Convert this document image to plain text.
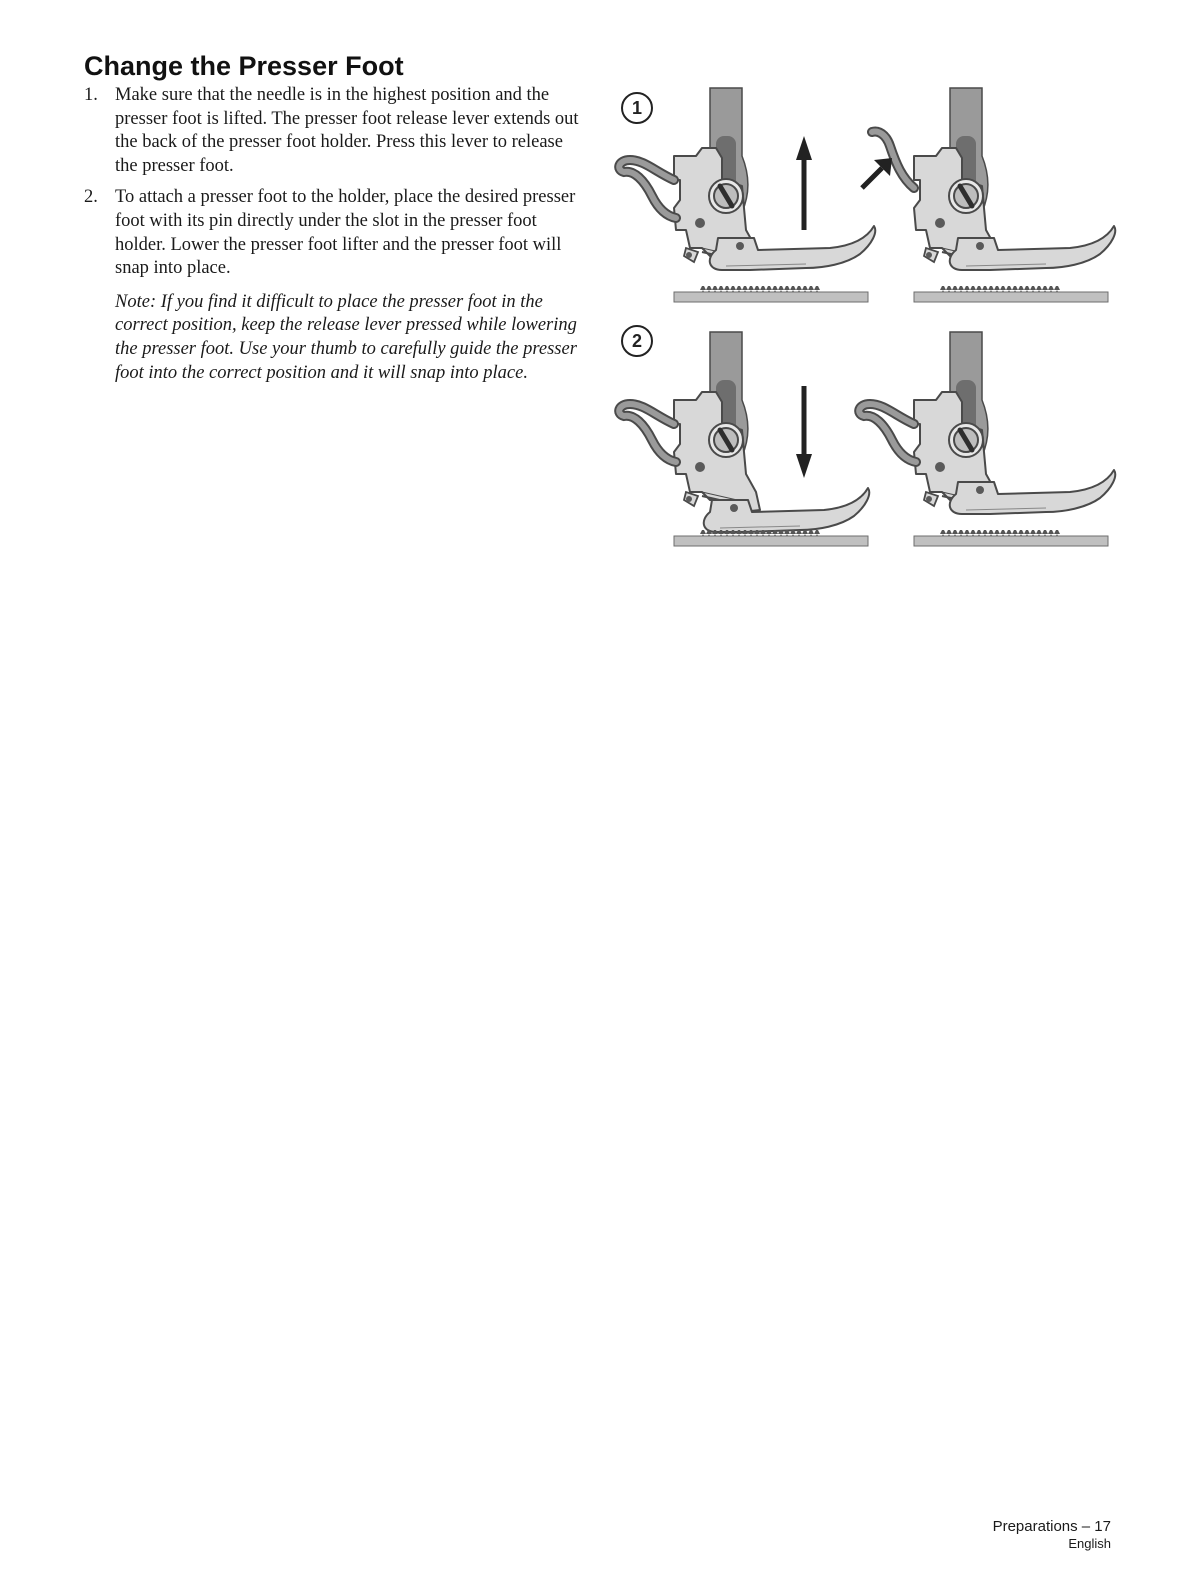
Change the Presser Foot
1. Make sure that the needle is in the highest position and the presser foot is lifted. The presser foot release lever extends out the back of the presser foot holder. Press this lever to release the presser foot.
2. To attach a presser foot to the holder, place the desired presser foot with its pin directly under the slot in the presser foot holder. Lower the presser foot lifter and the presser foot will snap into place.

Note: If you find it difficult to place the presser foot in the correct position, keep the release lever pressed while lowering the presser foot. Use your thumb to carefully guide the presser foot into the correct position and it will snap into place.

1
2
Preparations – 17
English
